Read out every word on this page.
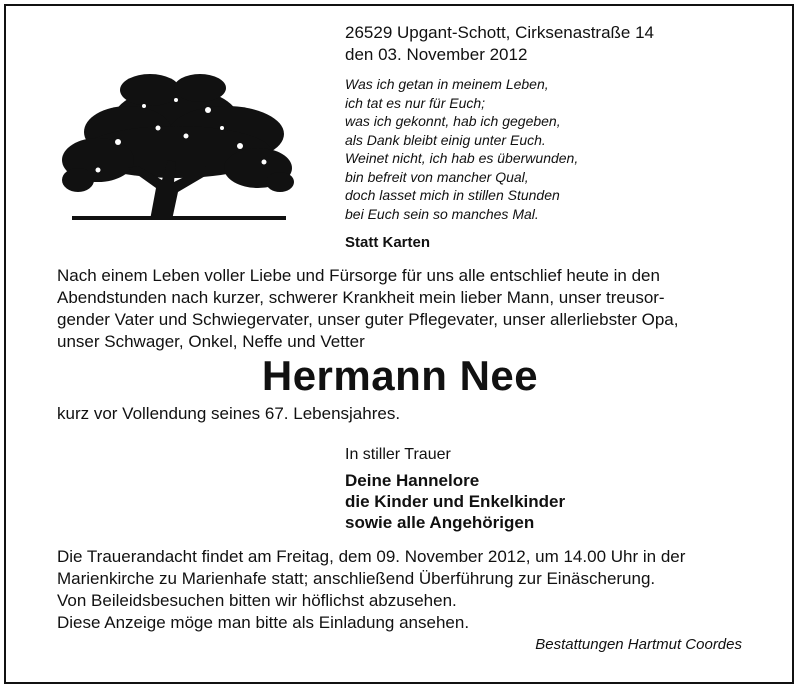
26529 Upgant-Schott, Cirksenastraße 14
den 03. November 2012
Was ich getan in meinem Leben,
ich tat es nur für Euch;
was ich gekonnt, hab ich gegeben,
als Dank bleibt einig unter Euch.
Weinet nicht, ich hab es überwunden,
bin befreit von mancher Qual,
doch lasset mich in stillen Stunden
bei Euch sein so manches Mal.
Statt Karten
Nach einem Leben voller Liebe und Fürsorge für uns alle entschlief heute in den
Abendstunden nach kurzer, schwerer Krankheit mein lieber Mann, unser treusor-
gender Vater und Schwiegervater, unser guter Pflegevater, unser allerliebster Opa,
unser Schwager, Onkel, Neffe und Vetter
Hermann Nee
kurz vor Vollendung seines 67. Lebensjahres.
In stiller Trauer
Deine Hannelore
die Kinder und Enkelkinder
sowie alle Angehörigen
Die Trauerandacht findet am Freitag, dem 09. November 2012, um 14.00 Uhr in der
Marienkirche zu Marienhafe statt; anschließend Überführung zur Einäscherung.
Von Beileidsbesuchen bitten wir höflichst abzusehen.
Diese Anzeige möge man bitte als Einladung ansehen.
Bestattungen Hartmut Coordes
